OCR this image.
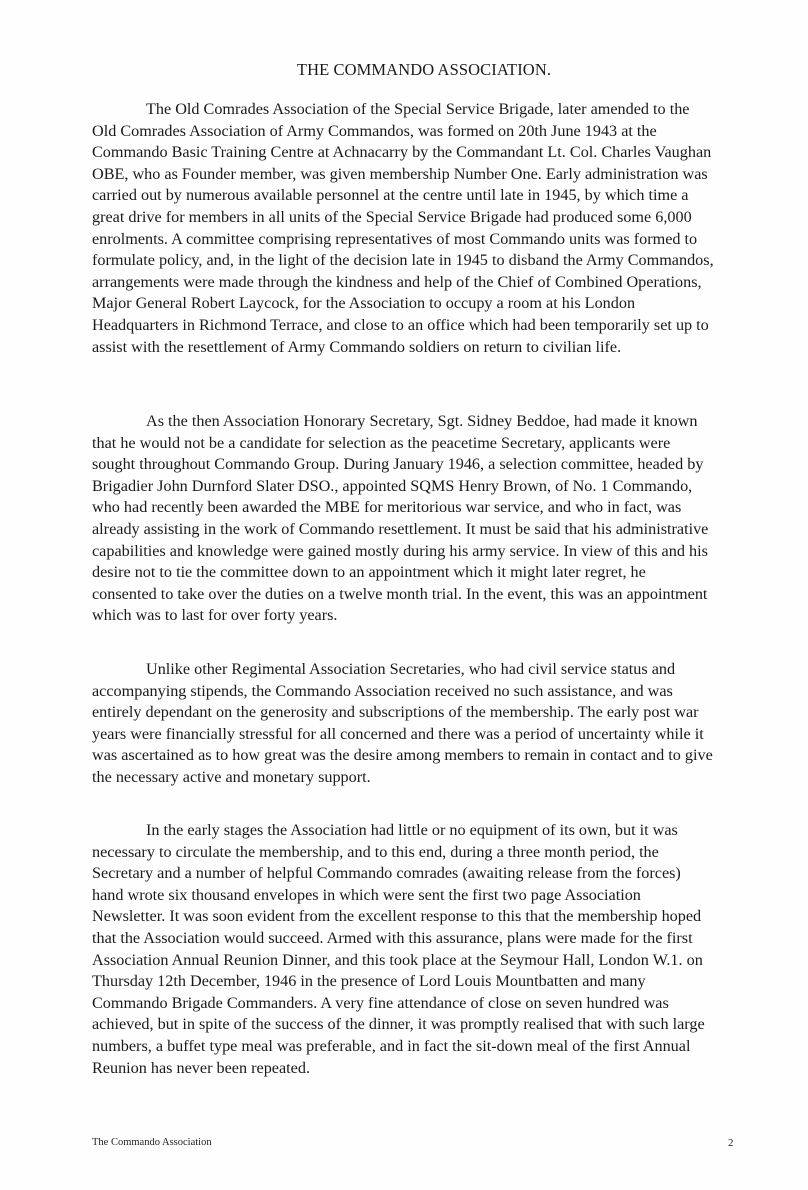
THE COMMANDO ASSOCIATION.

The Old Comrades Association of the Special Service Brigade, later amended to the Old Comrades Association of Army Commandos, was formed on 20th June 1943 at the Commando Basic Training Centre at Achnacarry by the Commandant Lt. Col. Charles Vaughan OBE, who as Founder member, was given membership Number One. Early administration was carried out by numerous available personnel at the centre until late in 1945, by which time a great drive for members in all units of the Special Service Brigade had produced some 6,000 enrolments. A committee comprising representatives of most Commando units was formed to formulate policy, and, in the light of the decision late in 1945 to disband the Army Commandos, arrangements were made through the kindness and help of the Chief of Combined Operations, Major General Robert Laycock, for the Association to occupy a room at his London Headquarters in Richmond Terrace, and close to an office which had been temporarily set up to assist with the resettlement of Army Commando soldiers on return to civilian life.

As the then Association Honorary Secretary, Sgt. Sidney Beddoe, had made it known that he would not be a candidate for selection as the peacetime Secretary, applicants were sought throughout Commando Group. During January 1946, a selection committee, headed by Brigadier John Durnford Slater DSO., appointed SQMS Henry Brown, of No. 1 Commando, who had recently been awarded the MBE for meritorious war service, and who in fact, was already assisting in the work of Commando resettlement. It must be said that his administrative capabilities and knowledge were gained mostly during his army service. In view of this and his desire not to tie the committee down to an appointment which it might later regret, he consented to take over the duties on a twelve month trial. In the event, this was an appointment which was to last for over forty years.

Unlike other Regimental Association Secretaries, who had civil service status and accompanying stipends, the Commando Association received no such assistance, and was entirely dependant on the generosity and subscriptions of the membership. The early post war years were financially stressful for all concerned and there was a period of uncertainty while it was ascertained as to how great was the desire among members to remain in contact and to give the necessary active and monetary support.

In the early stages the Association had little or no equipment of its own, but it was necessary to circulate the membership, and to this end, during a three month period, the Secretary and a number of helpful Commando comrades (awaiting release from the forces) hand wrote six thousand envelopes in which were sent the first two page Association Newsletter. It was soon evident from the excellent response to this that the membership hoped that the Association would succeed. Armed with this assurance, plans were made for the first Association Annual Reunion Dinner, and this took place at the Seymour Hall, London W.1. on Thursday 12th December, 1946 in the presence of Lord Louis Mountbatten and many Commando Brigade Commanders. A very fine attendance of close on seven hundred was achieved, but in spite of the success of the dinner, it was promptly realised that with such large numbers, a buffet type meal was preferable, and in fact the sit-down meal of the first Annual Reunion has never been repeated.

The Commando Association	2
